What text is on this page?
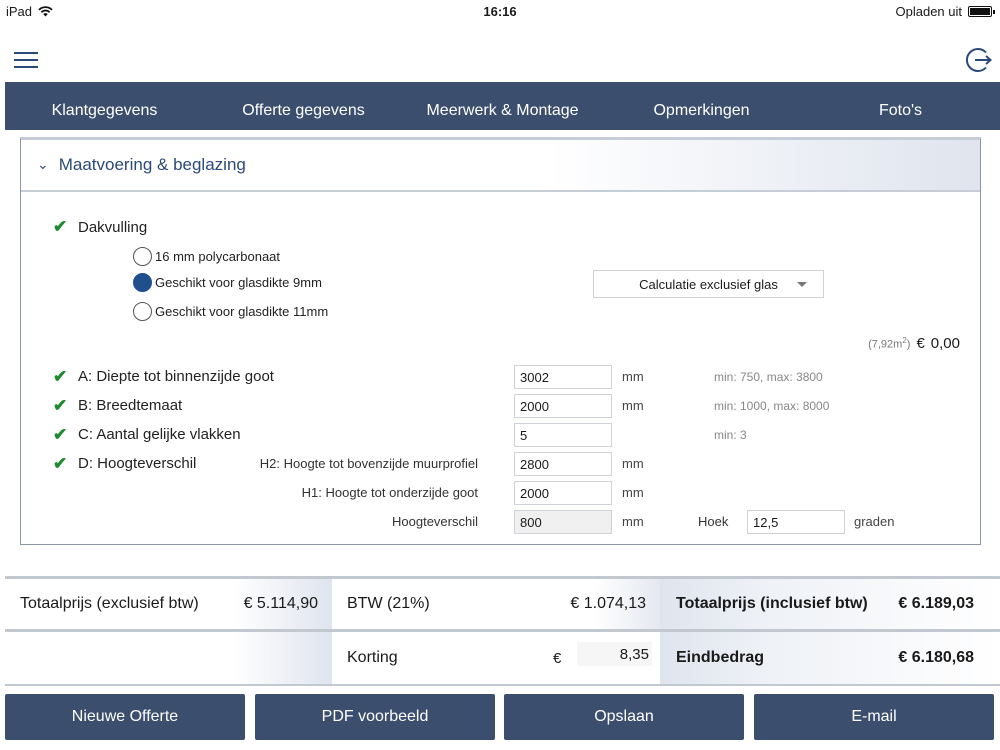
iPad	16:16	Opladen uit
Klantgegevens	Offerte gegevens	Meerwerk & Montage	Opmerkingen	Foto's
⌄ Maatvoering & beglazing
✔ Dakvulling
16 mm polycarbonaat
Geschikt voor glasdikte 9mm
Geschikt voor glasdikte 11mm
Calculatie exclusief glas
$(7,92m^2)$ € 0,00
✔ A: Diepte tot binnenzijde goot	3002	mm	min: 750, max: 3800
✔ B: Breedtemaat	2000	mm	min: 1000, max: 8000
✔ C: Aantal gelijke vlakken	5	min: 3
✔ D: Hoogteverschil	H2: Hoogte tot bovenzijde muurprofiel	2800	mm
H1: Hoogte tot onderzijde goot	2000	mm
Hoogteverschil	800	mm	Hoek	12,5	graden
Totaalprijs (exclusief btw)	€ 5.114,90 BTW (21%)	€ 1.074,13 Totaalprijs (inclusief btw) € 6.189,03
Korting	€	8,35 Eindbedrag	€ 6.180,68
Nieuwe Offerte	PDF voorbeeld	Opslaan	E-mail
